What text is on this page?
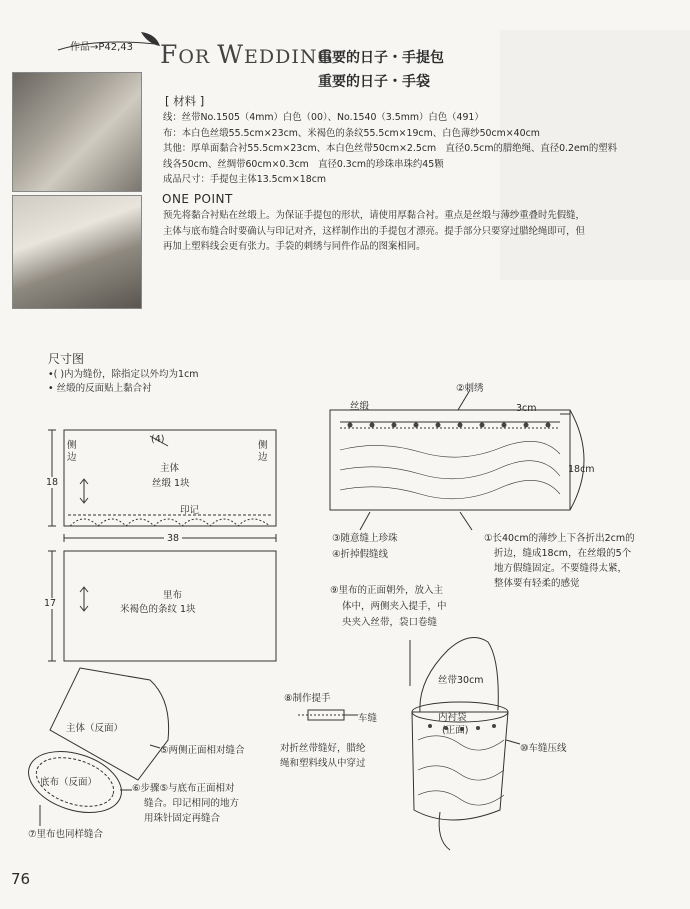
作品→P42,43 FOR WEDDING
重要的日子・手提包
重要的日子・手袋
[ 材料 ]
线：丝带No.1505（4mm）白色（00）、No.1540（3.5mm）白色（491）
布：本白色丝缎55.5cm×23cm、米褐色的条纹55.5cm×19cm、白色薄纱50cm×40cm
其他：厚单面黏合衬55.5cm×23cm、本白色丝带50cm×2.5cm　直径0.5cm的腊绝绳、直径0.2em的塑料
线各50cm、丝绸带60cm×0.3cm　直径0.3cm的珍珠串珠约45颗
成品尺寸：手提包主体13.5cm×18cm
ONE POINT
预先将黏合衬贴在丝缎上。为保证手提包的形状，请使用厚黏合衬。重点是丝缎与薄纱重叠时先假缝，
主体与底布缝合时要确认与印记对齐，这样制作出的手提包才漂亮。提手部分只要穿过腊纶绳即可，但
再加上塑料线会更有张力。手袋的刺绣与同件作品的图案相同。
尺寸图
•( )内为缝份，除指定以外均为1cm
• 丝缎的反面贴上黏合衬
侧边
侧边
(4)
主体
丝缎 1块
印记
18
38
17
里布
米褐色的条纹 1块
②刺绣
丝缎	3cm
18cm
③随意缝上珍珠
④折掉假缝线
①长40cm的薄纱上下各折出2cm的
折边，缝成18cm，在丝缎的5个
地方假缝固定。不要缝得太紧，
整体要有轻柔的感觉
⑨里布的正面朝外，放入主
体中，两侧夹入提手，中
央夹入丝带，袋口卷缝
丝带30cm
内衬袋
(正面)
⑩车缝压线
⑧制作提手
车缝
对折丝带缝好，腊纶
绳和塑料线从中穿过
主体（反面）
底布（反面）
⑤两侧正面相对缝合
⑥步骤⑤与底布正面相对
缝合。印记相同的地方
用珠针固定再缝合
⑦里布也同样缝合
76
